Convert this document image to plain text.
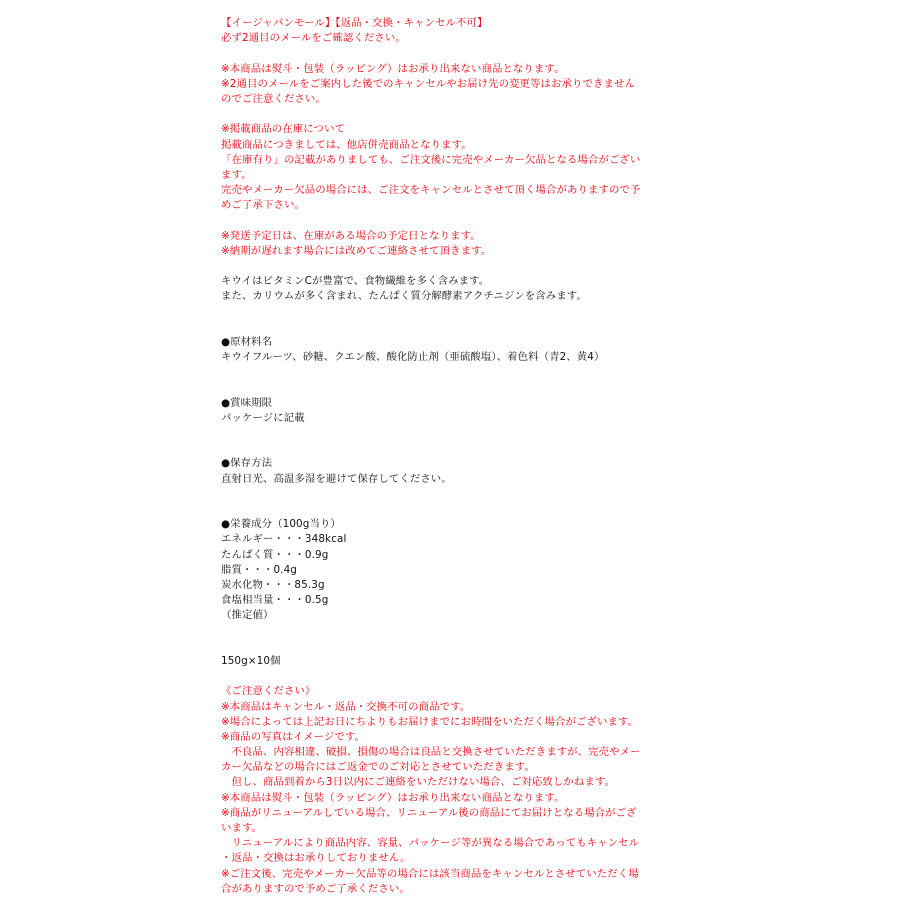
【イージャパンモール】【返品・交換・キャンセル不可】
必ず2通目のメールをご確認ください。
※本商品は熨斗・包装（ラッピング）はお承り出来ない商品となります。
※2通目のメールをご案内した後でのキャンセルやお届け先の変更等はお承りできません
のでご注意ください。
※掲載商品の在庫について
掲載商品につきましては、他店併売商品となります。
「在庫有り」の記載がありましても、ご注文後に完売やメーカー欠品となる場合がござい
ます。
完売やメーカー欠品の場合には、ご注文をキャンセルとさせて頂く場合がありますので予
めご了承下さい。
※発送予定日は、在庫がある場合の予定日となります。
※納期が遅れます場合には改めてご連絡させて頂きます。
キウイはビタミンCが豊富で、食物繊維を多く含みます。
また、カリウムが多く含まれ、たんぱく質分解酵素アクチニジンを含みます。
●原材料名
キウイフルーツ、砂糖、クエン酸、酸化防止剤（亜硫酸塩）、着色料（青2、黄4）
●賞味期限
パッケージに記載
●保存方法
直射日光、高温多湿を避けて保存してください。
●栄養成分（100g当り）
エネルギー・・・348kcal
たんぱく質・・・0.9g
脂質・・・0.4g
炭水化物・・・85.3g
食塩相当量・・・0.5g
（推定値）
150g×10個
《ご注意ください》
※本商品はキャンセル・返品・交換不可の商品です。
※場合によっては上記お日にちよりもお届けまでにお時間をいただく場合がございます。
※商品の写真はイメージです。
　不良品、内容相違、破損、損傷の場合は良品と交換させていただきますが、完売やメー
カー欠品などの場合にはご返金でのご対応とさせていただきます。
　但し、商品到着から3日以内にご連絡をいただけない場合、ご対応致しかねます。
※本商品は熨斗・包装（ラッピング）はお承り出来ない商品となります。
※商品がリニューアルしている場合、リニューアル後の商品にてお届けとなる場合がござ
います。
　リニューアルにより商品内容、容量、パッケージ等が異なる場合であってもキャンセル
・返品・交換はお承りしておりません。
※ご注文後、完売やメーカー欠品等の場合には該当商品をキャンセルとさせていただく場
合がありますので予めご了承ください。
